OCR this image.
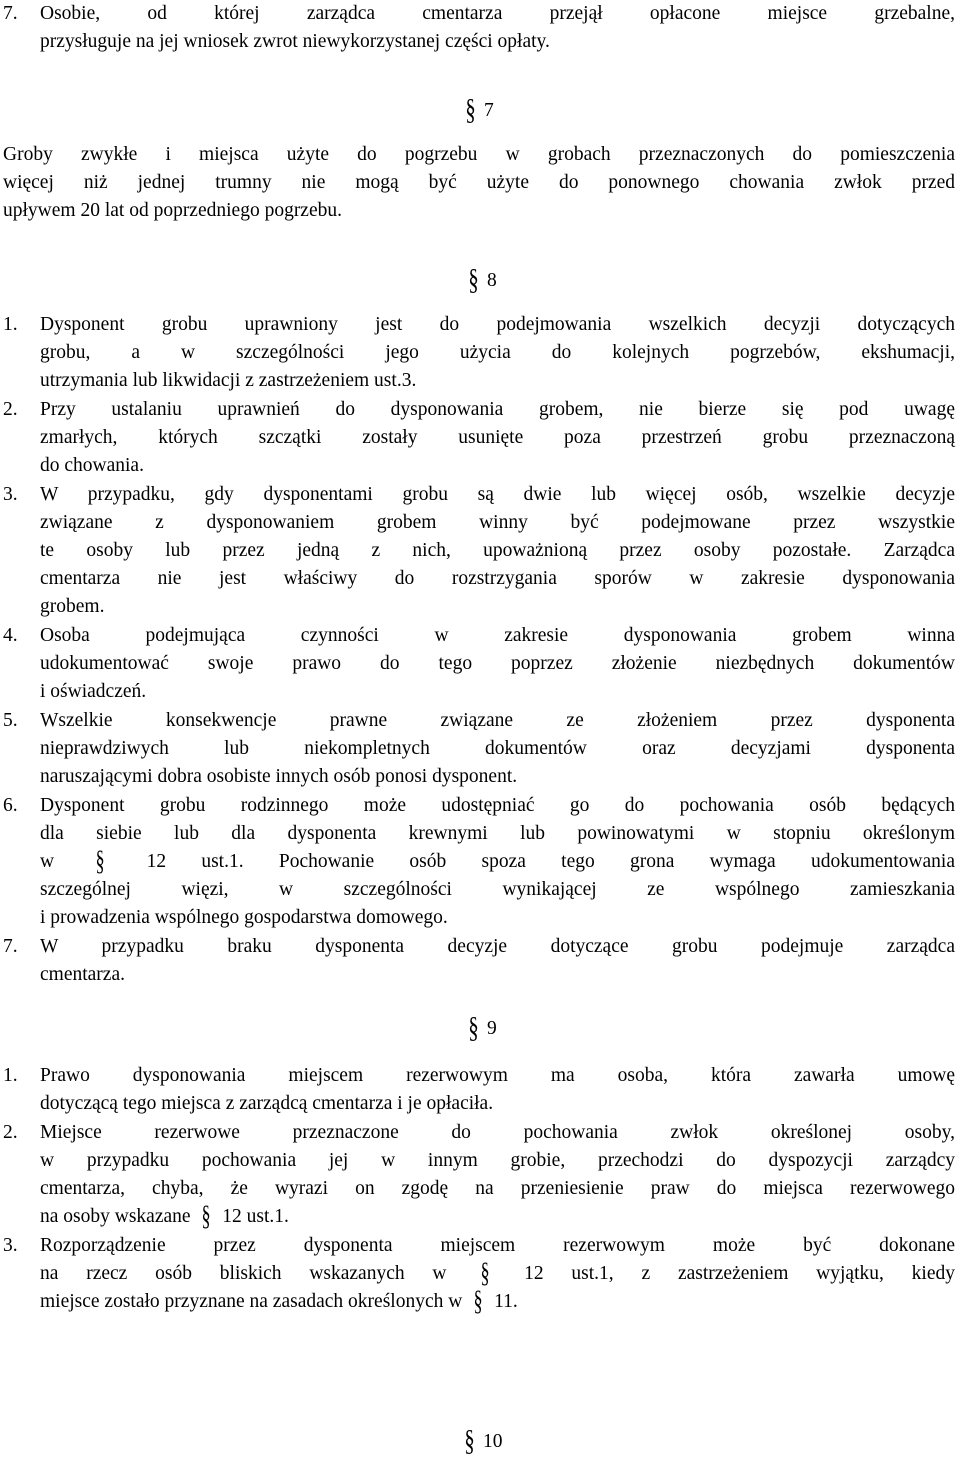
7. Osobie, od której zarządca cmentarza przejął opłacone miejsce grzebalne,
przysługuje na jej wniosek zwrot niewykorzystanej części opłaty.
§ 7
Groby zwykłe i miejsca użyte do pogrzebu w grobach przeznaczonych do pomieszczenia
więcej niż jednej trumny nie mogą być użyte do ponownego chowania zwłok przed
upływem 20 lat od poprzedniego pogrzebu.
§ 8
1. Dysponent grobu uprawniony jest do podejmowania wszelkich decyzji dotyczących
grobu, a w szczególności jego użycia do kolejnych pogrzebów, ekshumacji,
utrzymania lub likwidacji z zastrzeżeniem ust.3.
2. Przy ustalaniu uprawnień do dysponowania grobem, nie bierze się pod uwagę
zmarłych, których szczątki zostały usunięte poza przestrzeń grobu przeznaczoną
do chowania.
3. W przypadku, gdy dysponentami grobu są dwie lub więcej osób, wszelkie decyzje
związane z dysponowaniem grobem winny być podejmowane przez wszystkie
te osoby lub przez jedną z nich, upoważnioną przez osoby pozostałe. Zarządca
cmentarza nie jest właściwy do rozstrzygania sporów w zakresie dysponowania
grobem.
4. Osoba podejmująca czynności w zakresie dysponowania grobem winna
udokumentować swoje prawo do tego poprzez złożenie niezbędnych dokumentów
i oświadczeń.
5. Wszelkie konsekwencje prawne związane ze złożeniem przez dysponenta
nieprawdziwych lub niekompletnych dokumentów oraz decyzjami dysponenta
naruszającymi dobra osobiste innych osób ponosi dysponent.
6. Dysponent grobu rodzinnego może udostępniać go do pochowania osób będących
dla siebie lub dla dysponenta krewnymi lub powinowatymi w stopniu określonym
w § 12 ust.1. Pochowanie osób spoza tego grona wymaga udokumentowania
szczególnej więzi, w szczególności wynikającej ze wspólnego zamieszkania
i prowadzenia wspólnego gospodarstwa domowego.
7. W przypadku braku dysponenta decyzje dotyczące grobu podejmuje zarządca
cmentarza.
§ 9
1. Prawo dysponowania miejscem rezerwowym ma osoba, która zawarła umowę
dotyczącą tego miejsca z zarządcą cmentarza i je opłaciła.
2. Miejsce rezerwowe przeznaczone do pochowania zwłok określonej osoby,
w przypadku pochowania jej w innym grobie, przechodzi do dyspozycji zarządcy
cmentarza, chyba, że wyrazi on zgodę na przeniesienie praw do miejsca rezerwowego
na osoby wskazane § 12 ust.1.
3. Rozporządzenie przez dysponenta miejscem rezerwowym może być dokonane
na rzecz osób bliskich wskazanych w § 12 ust.1, z zastrzeżeniem wyjątku, kiedy
miejsce zostało przyznane na zasadach określonych w § 11.
§ 10
